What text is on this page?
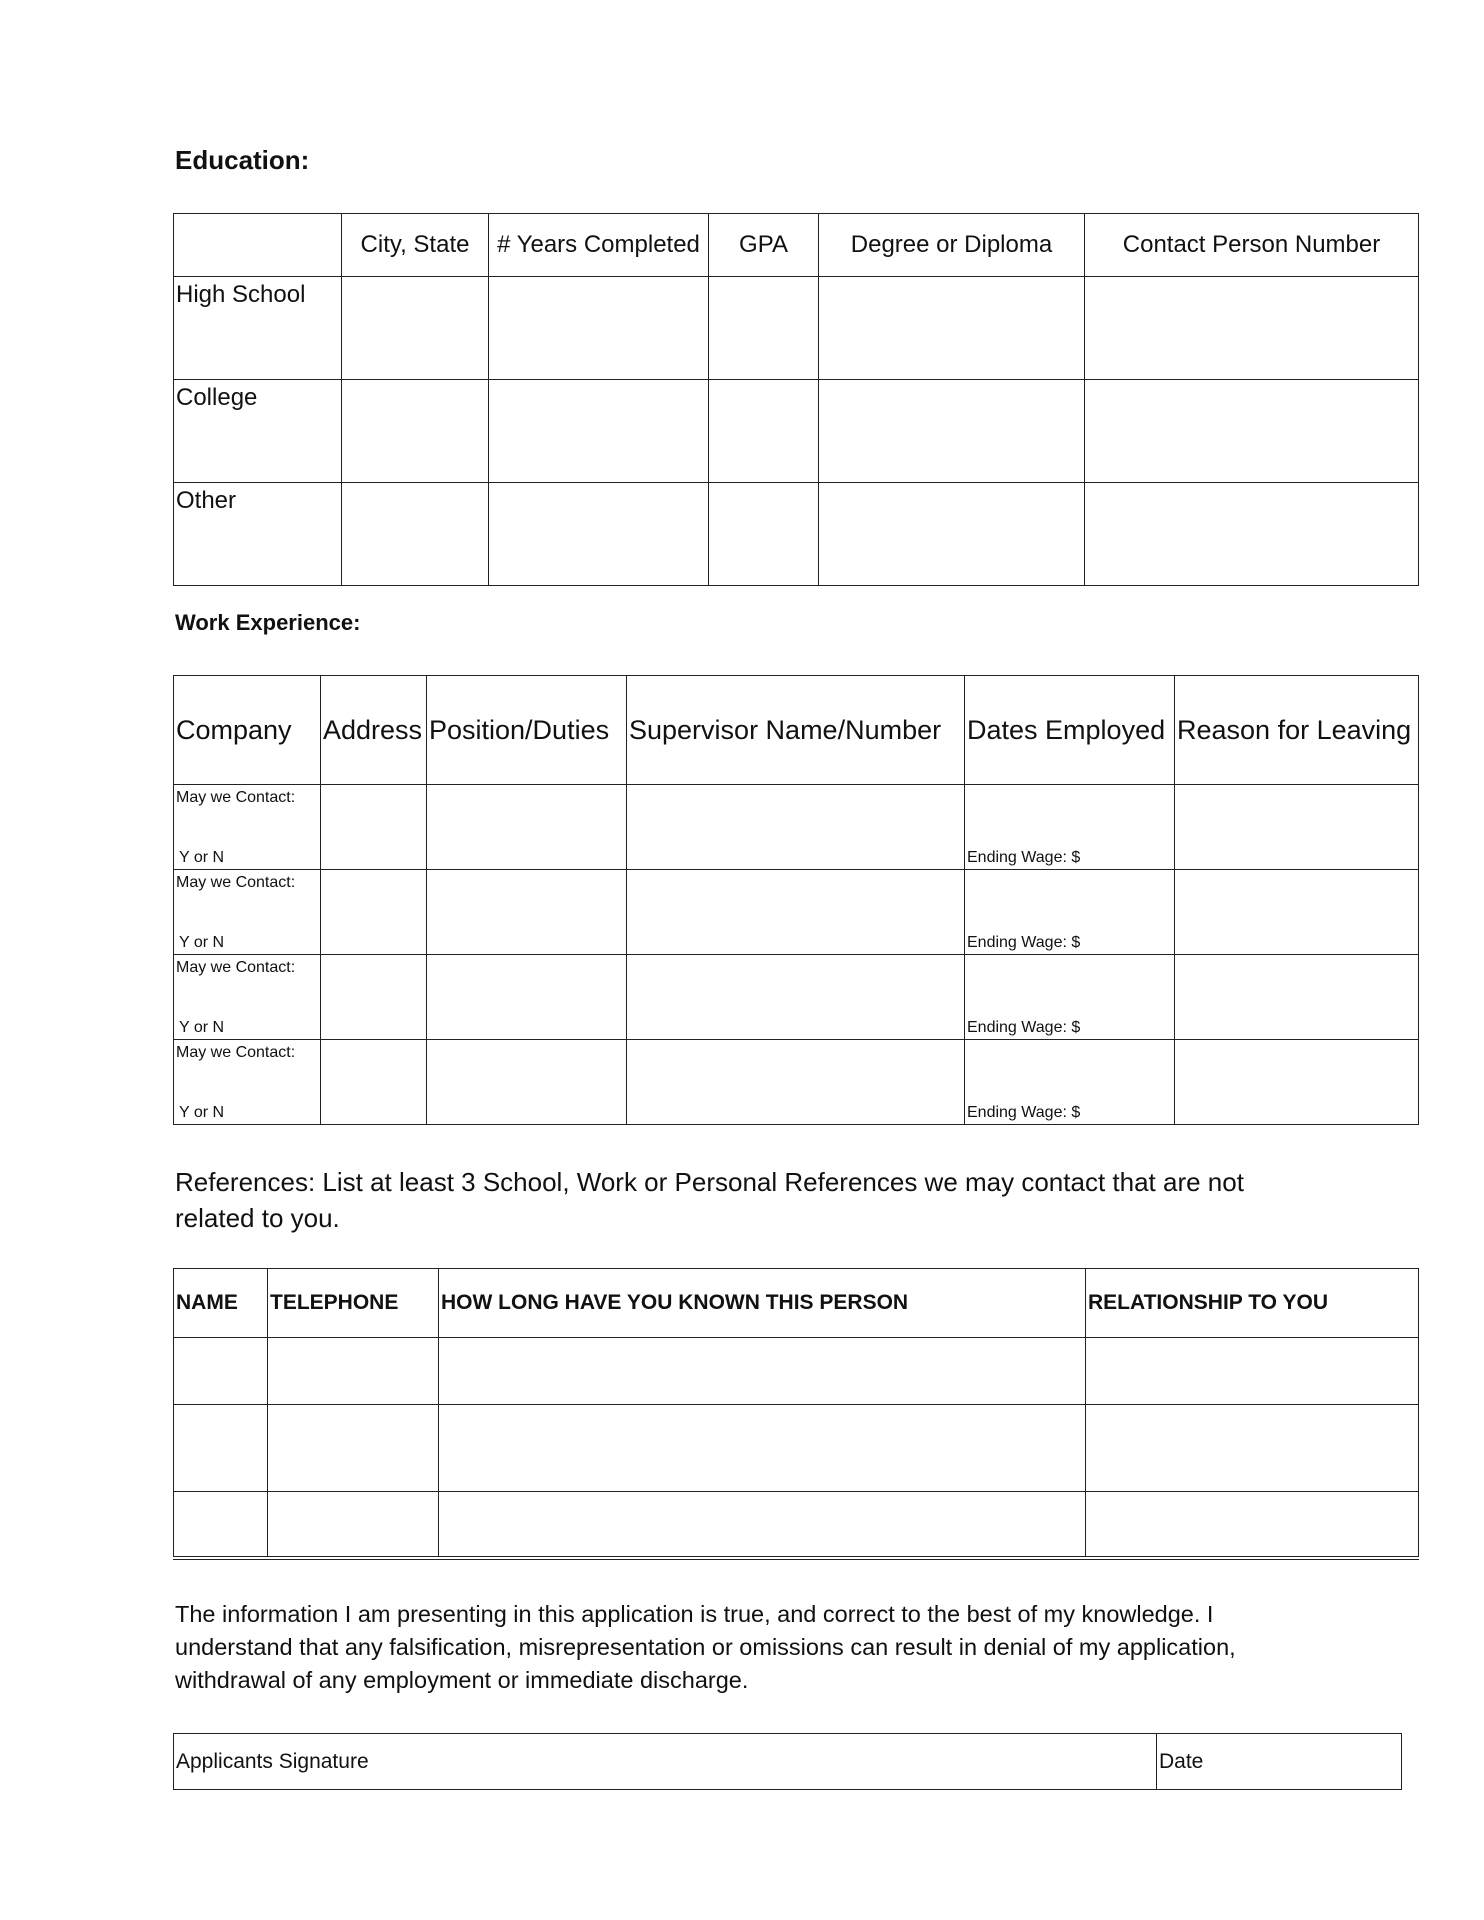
Education:
	City, State	# Years Completed	GPA	Degree or Diploma	Contact Person Number
High School					
College					
Other					
Work Experience:
Company	Address	Position/Duties	Supervisor Name/Number	Dates Employed	Reason for Leaving

May we Contact:
Y or N				Ending Wage: $	

May we Contact:
Y or N				Ending Wage: $	

May we Contact:
Y or N				Ending Wage: $	

May we Contact:
Y or N				Ending Wage: $	

References: List at least 3 School, Work or Personal References we may contact that are not related to you.

NAME	TELEPHONE	HOW LONG HAVE YOU KNOWN THIS PERSON	RELATIONSHIP TO YOU

The information I am presenting in this application is true, and correct to the best of my knowledge. I understand that any falsification, misrepresentation or omissions can result in denial of my application, withdrawal of any employment or immediate discharge.

Applicants Signature	Date
